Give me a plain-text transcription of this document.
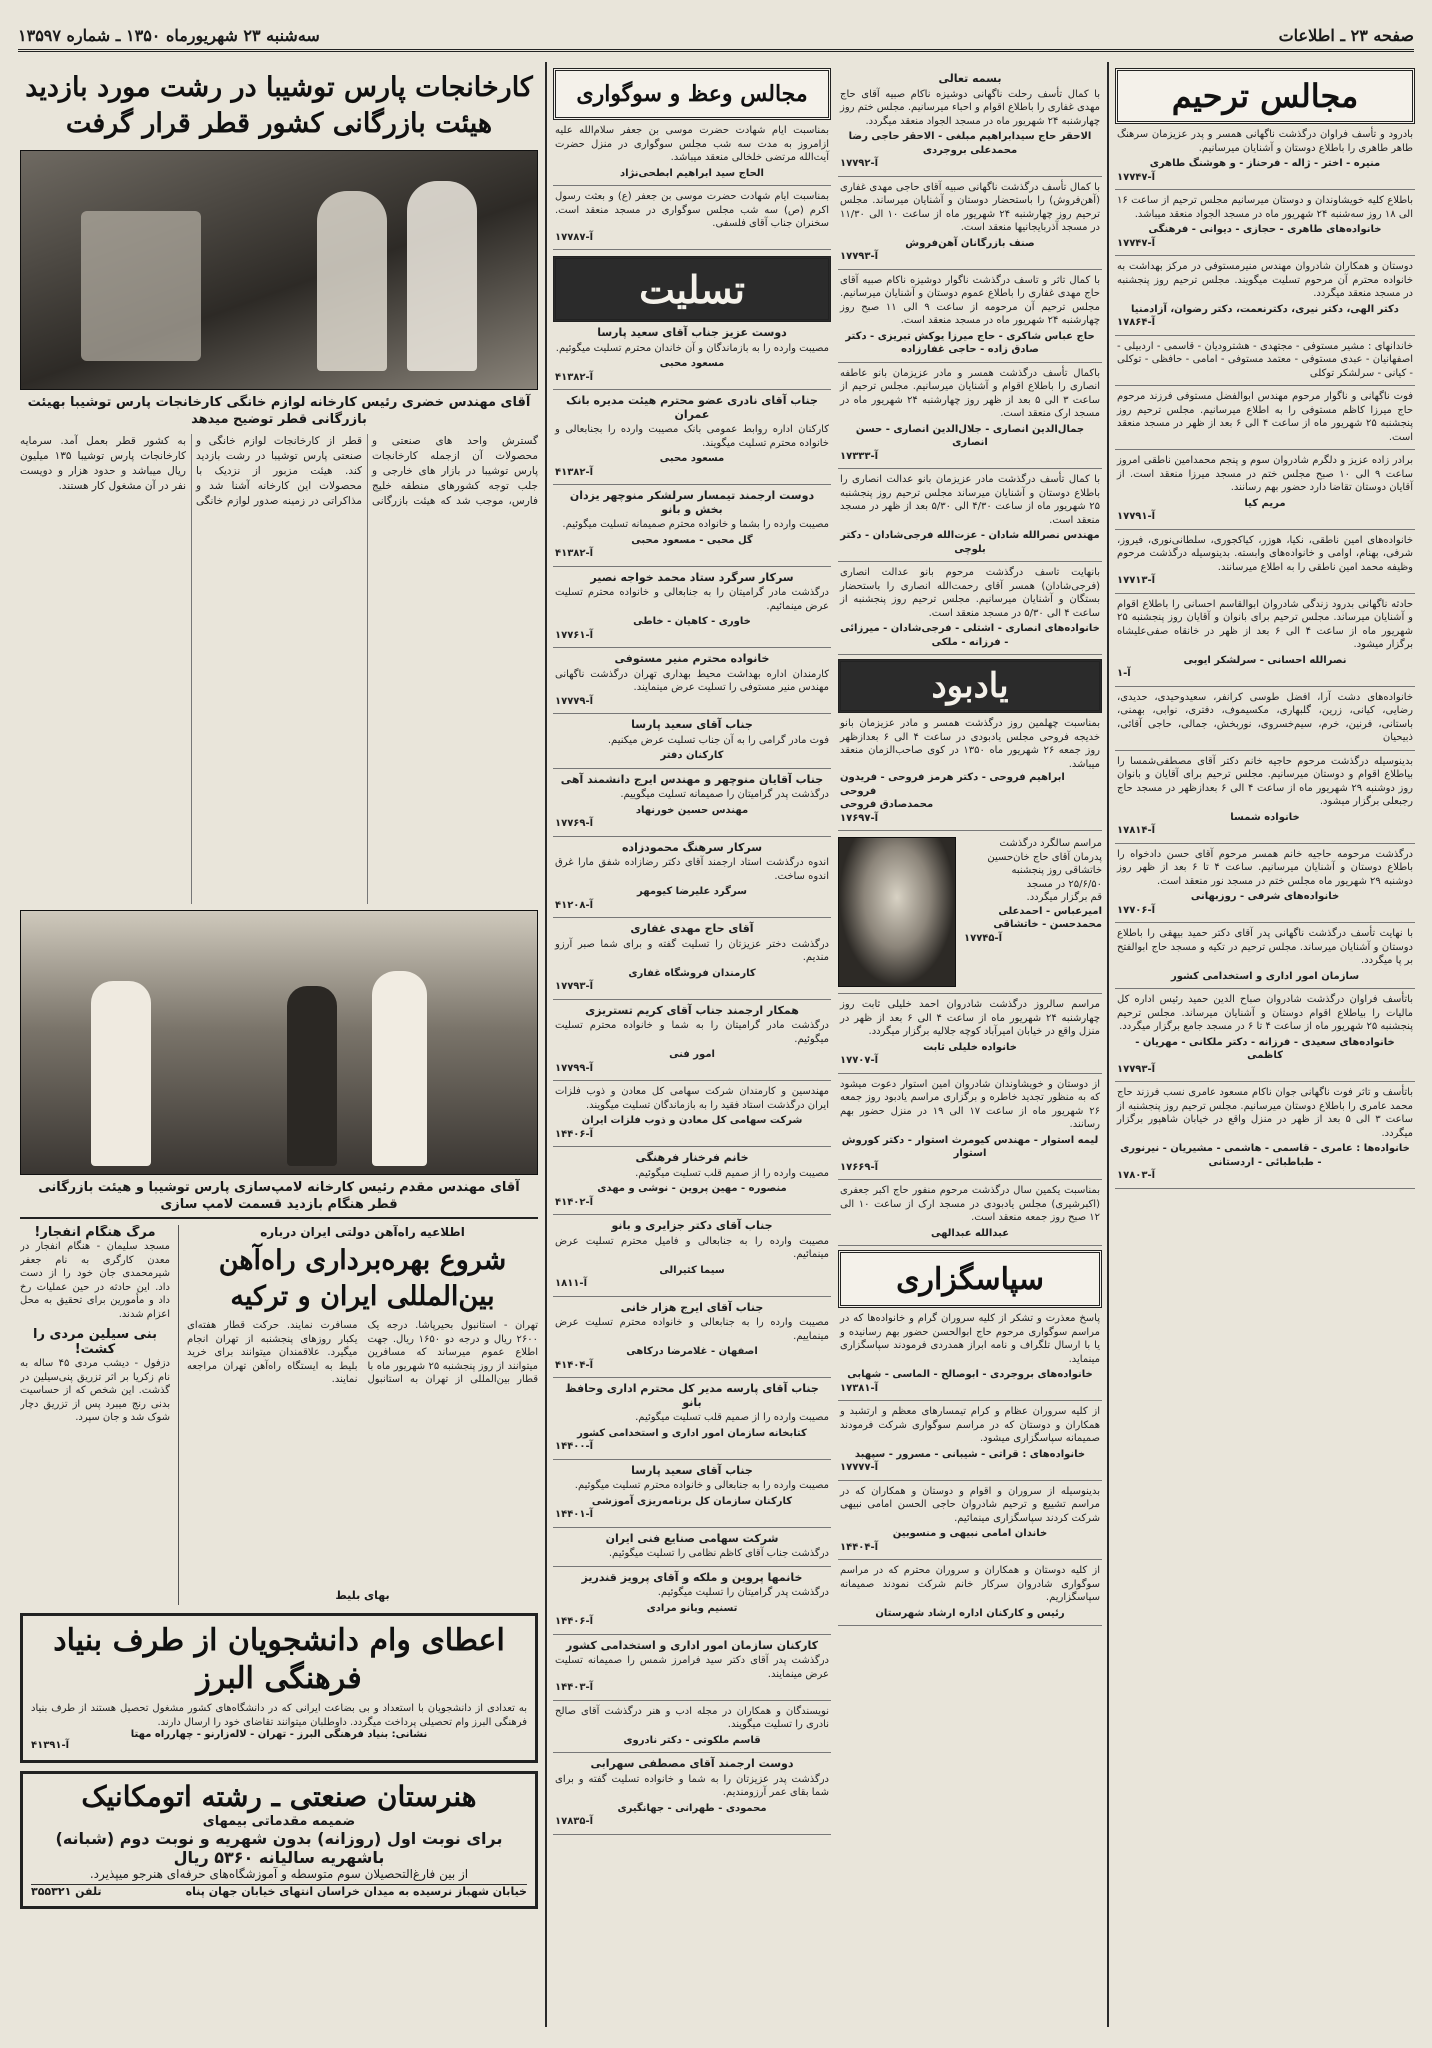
صفحه ۲۳ ـ اطلاعات
سه‌شنبه ۲۳ شهریورماه ۱۳۵۰ ـ شماره ۱۳۵۹۷
مجالس ترحیم
بادرود و تأسف فراوان درگذشت ناگهانی همسر و پدر عزیزمان سرهنگ طاهر طاهری را باطلاع دوستان و آشنایان میرسانیم.
منیره - اختر - ژاله - فرحناز - و هوشنگ طاهری
آ-۱۷۷۴۷
باطلاع کلیه خویشاوندان و دوستان میرسانیم مجلس ترحیم از ساعت ۱۶ الی ۱۸ روز سه‌شنبه ۲۴ شهریور ماه در مسجد الجواد منعقد میباشد.
خانواده‌های طاهری - حجازی - دیوانی - فرهنگی
آ-۱۷۷۴۷
دوستان و همکاران شادروان مهندس منیرمستوفی در مرکز بهداشت به خانواده محترم آن مرحوم تسلیت میگویند. مجلس ترحیم روز پنجشنبه در مسجد منعقد میگردد.
دکتر الهی، دکتر نیری، دکترنعمت، دکتر رضوان، آزادمنیا
آ-۱۷۸۶۴
خاندانهای : مشیر مستوفی - مجتهدی - هشترودیان - قاسمی - اردبیلی - اصفهانیان - عبدی مستوفی - معتمد مستوفی - امامی - حافظی - توکلی - کیانی - سرلشکر توکلی
فوت ناگهانی و ناگوار مرحوم مهندس ابوالفضل مستوفی فرزند مرحوم حاج میرزا کاظم مستوفی را به اطلاع میرسانیم. مجلس ترحیم روز پنجشنبه ۲۵ شهریور ماه از ساعت ۴ الی ۶ بعد از ظهر در مسجد منعقد است.
برادر زاده عزیز و دلگرم شادروان سوم و پنجم محمدامین ناطقی امروز ساعت ۹ الی ۱۰ صبح مجلس ختم در مسجد میرزا منعقد است. از آقایان دوستان تقاضا دارد حضور بهم رسانند.
مریم کیا
آ-۱۷۷۹۱
خانواده‌های امین ناطقی، نکیا، هوزر، کیاکجوری، سلطانی‌نوری، فیروز، شرفی، بهنام، اوامی و خانواده‌های وابسته. بدینوسیله درگذشت مرحوم وظیفه محمد امین ناطقی را به اطلاع میرسانند.
آ-۱۷۷۱۳
حادثه ناگهانی بدرود زندگی شادروان ابوالقاسم احسانی را باطلاع اقوام و آشنایان میرساند. مجلس ترحیم برای بانوان و آقایان روز پنجشنبه ۲۵ شهریور ماه از ساعت ۴ الی ۶ بعد از ظهر در خانقاه صفی‌علیشاه برگزار میشود.
نصرالله احسانی - سرلشکر ایوبی
آ-۱
خانواده‌های دشت آرا، افضل طوسی کرانفر، سعیدوحیدی، حدیدی، رضایی، کیانی، زرین، گلبهاری، مکسیموف، دفتری، نوابی، بهمنی، باستانی، فرنین، خرم، سیم‌خسروی، نوربخش، جمالی، حاجی آقائی، ذبیحیان
بدینوسیله درگذشت مرحوم حاجیه خانم دکتر آقای مصطفی‌شمسا را بیاطلاع اقوام و دوستان میرسانیم. مجلس ترحیم برای آقایان و بانوان روز دوشنبه ۲۹ شهریور ماه از ساعت ۴ الی ۶ بعدازظهر در مسجد حاج رجبعلی برگزار میشود.
خانواده شمسا
آ-۱۷۸۱۴
درگذشت مرحومه حاجیه خانم همسر مرحوم آقای حسن دادخواه را باطلاع دوستان و آشنایان میرسانیم. ساعت ۴ تا ۶ بعد از ظهر روز دوشنبه ۲۹ شهریور ماه مجلس ختم در مسجد نور منعقد است.
خانواده‌های شرفی - روزبهانی
آ-۱۷۷۰۶
با نهایت تأسف درگذشت ناگهانی پدر آقای دکتر حمید بیهقی را باطلاع دوستان و آشنایان میرساند. مجلس ترحیم در تکیه و مسجد حاج ابوالفتح بر پا میگردد.
سازمان امور اداری و استخدامی کشور
باتأسف فراوان درگذشت شادروان صباح الدین حمید رئیس اداره کل مالیات را بیاطلاع اقوام دوستان و آشنایان میرساند. مجلس ترحیم پنجشنبه ۲۵ شهریور ماه از ساعت ۴ تا ۶ در مسجد جامع برگزار میگردد.
خانواده‌های سعیدی - فرزانه - دکتر ملکانی - مهریان - کاظمی
آ-۱۷۷۹۳
باتأسف و تاثر فوت ناگهانی جوان ناکام مسعود عامری نسب فرزند حاج محمد عامری را باطلاع دوستان میرسانیم. مجلس ترحیم روز پنجشنبه از ساعت ۳ الی ۵ بعد از ظهر در منزل واقع در خیابان شاهپور برگزار میگردد.
خانواده‌ها : عامری - قاسمی - هاشمی - مشیریان - نیرنوری - طباطبائی - اردستانی
آ-۱۷۸۰۳
بسمه تعالی
با کمال تأسف رحلت ناگهانی دوشیزه ناکام صبیه آقای حاج مهدی غفاری را باطلاع اقوام و احباء میرسانیم. مجلس ختم روز چهارشنبه ۲۴ شهریور ماه در مسجد الجواد منعقد میگردد.
الاحقر حاج سیدابراهیم مبلغی - الاحقر حاجی رضا محمدعلی بروجردی
آ-۱۷۷۹۲
با کمال تأسف درگذشت ناگهانی صبیه آقای حاجی مهدی غفاری (آهن‌فروش) را باستحضار دوستان و آشنایان میرساند. مجلس ترحیم روز چهارشنبه ۲۴ شهریور ماه از ساعت ۱۰ الی ۱۱/۳۰ در مسجد آذربایجانیها منعقد است.
صنف بازرگانان آهن‌فروش
آ-۱۷۷۹۳
با کمال تاثر و تاسف درگذشت ناگوار دوشیزه ناکام صبیه آقای حاج مهدی غفاری را باطلاع عموم دوستان و آشنایان میرسانیم. مجلس ترحیم آن مرحومه از ساعت ۹ الی ۱۱ صبح روز چهارشنبه ۲۴ شهریور ماه در مسجد منعقد است.
حاج عباس شاکری - حاج میرزا یوکش تبریزی - دکتر صادق زاده - حاجی غفارزاده
باکمال تأسف درگذشت همسر و مادر عزیزمان بانو عاطفه انصاری را باطلاع اقوام و آشنایان میرسانیم. مجلس ترحیم از ساعت ۳ الی ۵ بعد از ظهر روز چهارشنبه ۲۴ شهریور ماه در مسجد ارک منعقد است.
جمال‌الدین انصاری - جلال‌الدین انصاری - حسن انصاری
آ-۱۷۳۳۳
با کمال تأسف درگذشت مادر عزیزمان بانو عدالت انصاری را باطلاع دوستان و آشنایان میرساند مجلس ترحیم روز پنجشنبه ۲۵ شهریور ماه از ساعت ۴/۳۰ الی ۵/۳۰ بعد از ظهر در مسجد منعقد است.
مهندس نصرالله شادان - عزت‌الله فرجی‌شادان - دکتر بلوچی
بانهایت تاسف درگذشت مرحوم بانو عدالت انصاری (فرجی‌شادان) همسر آقای رحمت‌الله انصاری را باستحضار بستگان و آشنایان میرسانیم. مجلس ترحیم روز پنجشنبه از ساعت ۴ الی ۵/۳۰ در مسجد منعقد است.
خانواده‌های انصاری - اشتلی - فرجی‌شادان - میرزائی - فرزانه - ملکی
یادبود
بمناسبت چهلمین روز درگذشت همسر و مادر عزیزمان بانو خدیجه فروحی مجلس یادبودی در ساعت ۴ الی ۶ بعدازظهر روز جمعه ۲۶ شهریور ماه ۱۳۵۰ در کوی صاحب‌الزمان منعقد میباشد.
ابراهیم فروحی - دکتر هرمز فروحی - فریدون فروحی
محمدصادق فروحی
آ-۱۷۶۹۷
مراسم سالگرد درگذشت
پدرمان آقای حاج خان‌حسین
خاتشاقی روز پنجشنبه
۲۵/۶/۵۰ در مسجد
قم برگزار میگردد.
امیرعباس - احمدعلی
محمدحسن - خاتشاقی
آ-۱۷۷۴۵
مراسم سالروز درگذشت شادروان احمد خلیلی ثابت روز چهارشنبه ۲۴ شهریور ماه از ساعت ۴ الی ۶ بعد از ظهر در منزل واقع در خیابان امیرآباد کوچه جلالیه برگزار میگردد.
خانواده خلیلی ثابت
آ-۱۷۷۰۷
از دوستان و خویشاوندان شادروان امین استوار دعوت میشود که به منظور تجدید خاطره و برگزاری مراسم یادبود روز جمعه ۲۶ شهریور ماه از ساعت ۱۷ الی ۱۹ در منزل حضور بهم رسانند.
لیمه استوار - مهندس کیومرث استوار - دکتر کوروش استوار
آ-۱۷۶۶۹
بمناسبت یکمین سال درگذشت مرحوم منفور حاج اکبر جعفری (اکبرشیری) مجلس یادبودی در مسجد ارک از ساعت ۱۰ الی ۱۲ صبح روز جمعه منعقد است.
عبدالله عبدالهی
سپاسگزاری
پاسخ معذرت و تشکر از کلیه سروران گرام و خانواده‌ها که در مراسم سوگواری مرحوم حاج ابوالحسن حضور بهم رسانیده و یا با ارسال تلگراف و نامه ابراز همدردی فرمودند سپاسگزاری مینماید.
خانواده‌های بروجردی - ابوصالح - الماسی - شهابی
آ-۱۷۳۸۱
از کلیه سروران عظام و کرام تیمسارهای معظم و ارتشبد و همکاران و دوستان که در مراسم سوگواری شرکت فرمودند صمیمانه سپاسگزاری میشود.
خانواده‌های : قراتی - شیبانی - مسرور - سپهبد
آ-۱۷۷۷۷
بدینوسیله از سروران و اقوام و دوستان و همکاران که در مراسم تشییع و ترحیم شادروان حاجی الحسن امامی نبیهی شرکت کردند سپاسگزاری مینمائیم.
خاندان امامی نبیهی و منسوبین
آ-۱۴۴۰۴
از کلیه دوستان و همکاران و سروران محترم که در مراسم سوگواری شادروان سرکار خانم شرکت نمودند صمیمانه سپاسگزاریم.
رئیس و کارکنان اداره ارشاد شهرستان
مجالس وعظ و سوگواری
بمناسبت ایام شهادت حضرت موسی بن جعفر سلام‌الله علیه ازامروز به مدت سه شب مجلس سوگواری در منزل حضرت آیت‌الله مرتضی خلخالی منعقد میباشد.
الحاج سید ابراهیم ابطحی‌نژاد
بمناسبت ایام شهادت حضرت موسی بن جعفر (ع) و بعثت رسول اکرم (ص) سه شب مجلس سوگواری در مسجد منعقد است. سخنران جناب آقای فلسفی.
آ-۱۷۷۸۷
تسلیت
دوست عزیز جناب آقای سعید پارسا
مصیبت وارده را به بازماندگان و آن خاندان محترم تسلیت میگوئیم.
مسعود محبی
آ-۴۱۳۸۲
جناب آقای نادری عضو محترم هیئت مدیره بانک عمران
کارکنان اداره روابط عمومی بانک مصیبت وارده را بجنابعالی و خانواده محترم تسلیت میگویند.
مسعود محبی
آ-۴۱۳۸۲
دوست ارجمند تیمسار سرلشکر منوچهر یزدان بخش و بانو
مصیبت وارده را بشما و خانواده محترم صمیمانه تسلیت میگوئیم.
گل محبی - مسعود محبی
آ-۴۱۳۸۲
سرکار سرگرد ستاد محمد خواجه نصیر
درگذشت مادر گرامیتان را به جنابعالی و خانواده محترم تسلیت عرض مینمائیم.
خاوری - کاهیان - خاطی
آ-۱۷۷۶۱
خانواده محترم منیر مستوفی
کارمندان اداره بهداشت محیط بهداری تهران درگذشت ناگهانی مهندس منیر مستوفی را تسلیت عرض مینمایند.
آ-۱۷۷۷۹
جناب آقای سعید پارسا
فوت مادر گرامی را به آن جناب تسلیت عرض میکنیم.
کارکنان دفتر
جناب آقایان منوچهر و مهندس ایرج دانشمند آهی
درگذشت پدر گرامیتان را صمیمانه تسلیت میگوییم.
مهندس حسین خورنهاد
آ-۱۷۷۶۹
سرکار سرهنگ محمودزاده
اندوه درگذشت استاد ارجمند آقای دکتر رضازاده شفق مارا غرق اندوه ساخت.
سرگرد علیرضا کیومهر
آ-۴۱۲۰۸
آقای حاج مهدی غفاری
درگذشت دختر عزیزتان را تسلیت گفته و برای شما صبر آرزو مندیم.
کارمندان فروشگاه غفاری
آ-۱۷۷۹۳
همکار ارجمند جناب آقای کریم تستریزی
درگذشت مادر گرامیتان را به شما و خانواده محترم تسلیت میگوئیم.
امور فنی
آ-۱۷۷۹۹
مهندسین و کارمندان شرکت سهامی کل معادن و ذوب فلزات ایران درگذشت استاد فقید را به بازماندگان تسلیت میگویند.
شرکت سهامی کل معادن و ذوب فلزات ایران
آ-۱۴۴۰۶
خانم فرخنار فرهنگی
مصیبت وارده را از صمیم قلب تسلیت میگوئیم.
منصوره - مهین پروین - نوشی و مهدی
آ-۴۱۴۰۲
جناب آقای دکتر جزایری و بانو
مصیبت وارده را به جنابعالی و فامیل محترم تسلیت عرض مینمائیم.
سیما کثیرالی
آ-۱۸۱۱
جناب آقای ایرج هزار خانی
مصیبت وارده را به جنابعالی و خانواده محترم تسلیت عرض مینماییم.
اصفهان - غلامرضا درکاهی
آ-۴۱۴۰۴
جناب آقای پارسه مدیر کل محترم اداری وحافظ بانو
مصیبت وارده را از صمیم قلب تسلیت میگوئیم.
کتابخانه سازمان امور اداری و استخدامی کشور
آ-۱۴۴۰۰
جناب آقای سعید پارسا
مصیبت وارده را به جنابعالی و خانواده محترم تسلیت میگوئیم.
کارکنان سازمان کل برنامه‌ریزی آموزشی
آ-۱۴۴۰۱
شرکت سهامی صنایع فنی ایران
درگذشت جناب آقای کاظم نظامی را تسلیت میگوئیم.
خانمها پروین و ملکه و آقای پرویز قندریز
درگذشت پدر گرامیتان را تسلیت میگوئیم.
تسنیم وبانو مرادی
آ-۱۴۴۰۶
کارکنان سازمان امور اداری و استخدامی کشور
درگذشت پدر آقای دکتر سید فرامرز شمس را صمیمانه تسلیت عرض مینمایند.
آ-۱۴۴۰۳
نویسندگان و همکاران در مجله ادب و هنر درگذشت آقای صالح نادری را تسلیت میگویند.
قاسم ملکوتی - دکتر نادروی
دوست ارجمند آقای مصطفی سهرابی
درگذشت پدر عزیزتان را به شما و خانواده تسلیت گفته و برای شما بقای عمر آرزومندیم.
محمودی - طهرانی - جهانگیری
آ-۱۷۸۳۵
کارخانجات پارس توشیبا در رشت مورد بازدید هیئت بازرگانی کشور قطر قرار گرفت
آقای مهندس خضری رئیس کارخانه لوازم خانگی کارخانجات پارس توشیبا بهیئت بازرگانی قطر توضیح میدهد
گسترش واحد های صنعتی و محصولات آن ازجمله کارخانجات پارس توشیبا در بازار های خارجی و جلب توجه کشورهای منطقه خلیج فارس، موجب شد که هیئت بازرگانی قطر از کارخانجات لوازم خانگی و صنعتی پارس توشیبا در رشت بازدید کند. هیئت مزبور از نزدیک با محصولات این کارخانه آشنا شد و مذاکراتی در زمینه صدور لوازم خانگی به کشور قطر بعمل آمد. سرمایه کارخانجات پارس توشیبا ۱۳۵ میلیون ریال میباشد و حدود هزار و دویست نفر در آن مشغول کار هستند.
آقای مهندس مقدم رئیس کارخانه لامپ‌سازی پارس توشیبا و هیئت بازرگانی قطر هنگام بازدید قسمت لامپ سازی
اطلاعیه راه‌آهن دولتی ایران درباره
شروع بهره‌برداری راه‌آهن بین‌المللی ایران و ترکیه
تهران - استانبول بحیرپاشا. درجه یک ۲۶۰۰ ریال و درجه دو ۱۶۵۰ ریال. جهت اطلاع عموم میرساند که مسافرین میتوانند از روز پنجشنبه ۲۵ شهریور ماه با قطار بین‌المللی از تهران به استانبول مسافرت نمایند. حرکت قطار هفته‌ای یکبار روزهای پنجشنبه از تهران انجام میگیرد. علاقمندان میتوانند برای خرید بلیط به ایستگاه راه‌آهن تهران مراجعه نمایند.
بهای بلیط
مرگ هنگام انفجار!
مسجد سلیمان - هنگام انفجار در معدن کارگری به نام جعفر شیرمحمدی جان خود را از دست داد. این حادثه در حین عملیات رخ داد و مأمورین برای تحقیق به محل اعزام شدند.
بنی سیلین مردی را کشت!
دزفول - دیشب مردی ۴۵ ساله به نام زکریا بر اثر تزریق پنی‌سیلین در گذشت. این شخص که از حساسیت بدنی رنج میبرد پس از تزریق دچار شوک شد و جان سپرد.
اعطای وام دانشجویان از طرف بنیاد فرهنگی البرز
به تعدادی از دانشجویان با استعداد و بی بضاعت ایرانی که در دانشگاه‌های کشور مشغول تحصیل هستند از طرف بنیاد فرهنگی البرز وام تحصیلی پرداخت میگردد. داوطلبان میتوانند تقاضای خود را ارسال دارند.
نشانی: بنیاد فرهنگی البرز - تهران - لاله‌زارنو - چهارراه مهتا
آ-۴۱۳۹۱
هنرستان صنعتی ـ رشته اتومکانیک
ضمیمه مقدماتی بیمهای
برای نوبت اول (روزانه) بدون شهریه و نوبت دوم (شبانه)
باشهریه سالیانه ۵۳۶۰ ریال
از بین فارغ‌التحصیلان سوم متوسطه و آموزشگاه‌های حرفه‌ای هنرجو میپذیرد.
خیابان شهباز نرسیده به میدان خراسان انتهای خیابان جهان پناه
تلفن ۳۵۵۳۲۱
